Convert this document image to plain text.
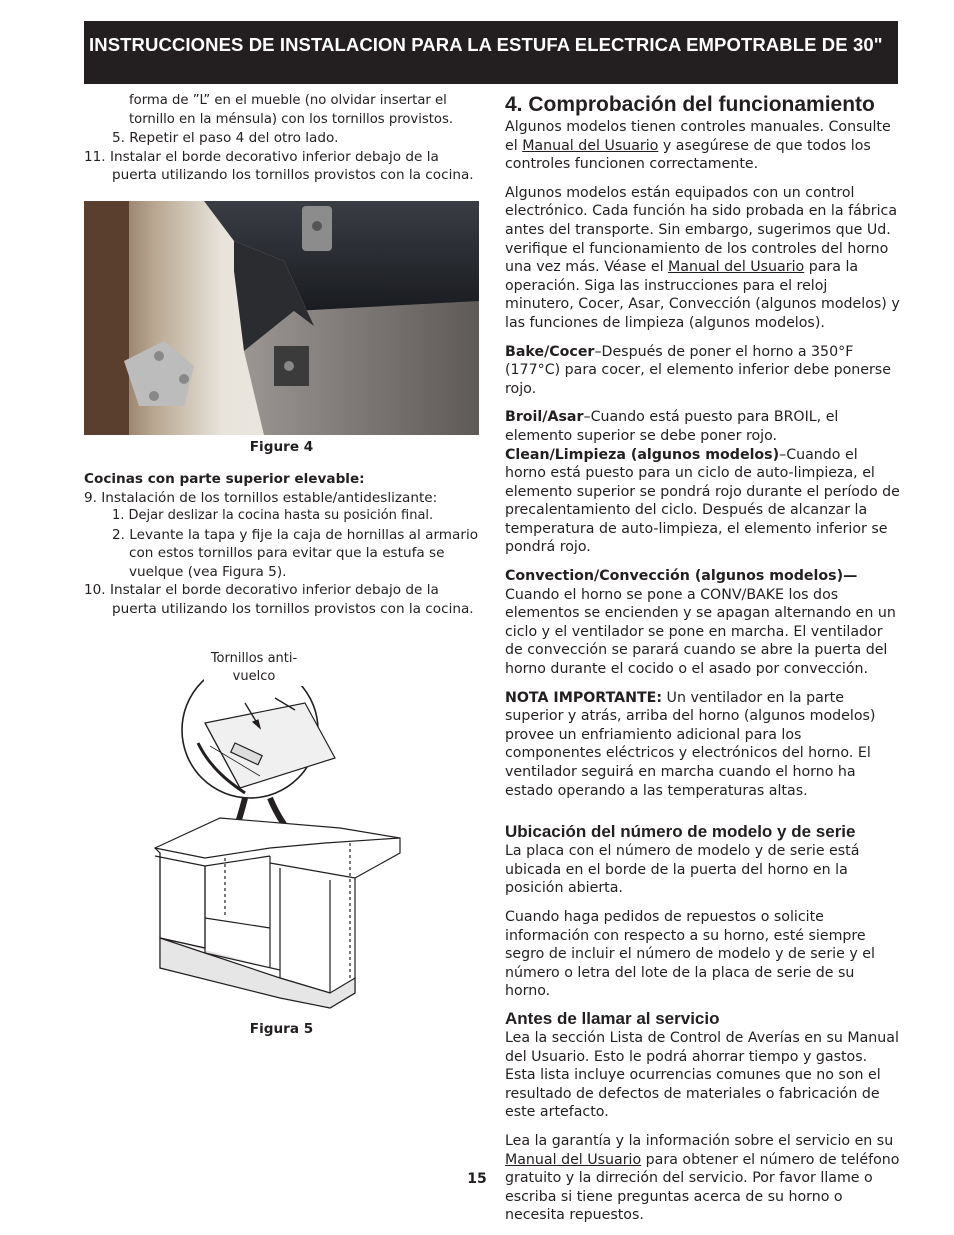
INSTRUCCIONES DE INSTALACION PARA LA ESTUFA ELECTRICA EMPOTRABLE DE 30"

forma de ”L” en el mueble (no olvidar insertar el

tornillo en la ménsula) con los tornillos provistos.

5. Repetir el paso 4 del otro lado.

11. Instalar el borde decorativo inferior debajo de la

puerta utilizando los tornillos provistos con la cocina.

Figure 4

Cocinas con parte superior elevable:

9. Instalación de los tornillos estable/antideslizante:

1. Dejar deslizar la cocina hasta su posición final.

2. Levante la tapa y fije la caja de hornillas al armario

con estos tornillos para evitar que la estufa se

vuelque (vea Figura 5).

10. Instalar el borde decorativo inferior debajo de la

puerta utilizando los tornillos provistos con la cocina.

Tornillos anti-
vuelco
Figura 5
4. Comprobación del funcionamiento

Algunos modelos tienen controles manuales. Consulte el Manual del Usuario y asegúrese de que todos los controles funcionen correctamente.

Algunos modelos están equipados con un control electrónico. Cada función ha sido probada en la fábrica antes del transporte. Sin embargo, sugerimos que Ud. verifique el funcionamiento de los controles del horno una vez más. Véase el Manual del Usuario para la operación. Siga las instrucciones para el reloj minutero, Cocer, Asar, Convección (algunos modelos) y las funciones de limpieza (algunos modelos).

Bake/Cocer–Después de poner el horno a 350°F (177°C) para cocer, el elemento inferior debe ponerse rojo.

Broil/Asar–Cuando está puesto para BROIL, el elemento superior se debe poner rojo.

Clean/Limpieza (algunos modelos)–Cuando el horno está puesto para un ciclo de auto-limpieza, el elemento superior se pondrá rojo durante el período de precalentamiento del ciclo. Después de alcanzar la temperatura de auto-limpieza, el elemento inferior se pondrá rojo.

Convection/Convección (algunos modelos)—Cuando el horno se pone a CONV/BAKE los dos elementos se encienden y se apagan alternando en un ciclo y el ventilador se pone en marcha. El ventilador de convección se parará cuando se abre la puerta del horno durante el cocido o el asado por convección.

NOTA IMPORTANTE: Un ventilador en la parte superior y atrás, arriba del horno (algunos modelos) provee un enfriamiento adicional para los componentes eléctricos y electrónicos del horno. El ventilador seguirá en marcha cuando el horno ha estado operando a las temperaturas altas.

Ubicación del número de modelo y de serie

La placa con el número de modelo y de serie está ubicada en el borde de la puerta del horno en la posición abierta.

Cuando haga pedidos de repuestos o solicite información con respecto a su horno, esté siempre segro de incluir el número de modelo y de serie y el número o letra del lote de la placa de serie de su horno.

Antes de llamar al servicio

Lea la sección Lista de Control de Averías en su Manual del Usuario. Esto le podrá ahorrar tiempo y gastos. Esta lista incluye ocurrencias comunes que no son el resultado de defectos de materiales o fabricación de este artefacto.

Lea la garantía y la información sobre el servicio en su Manual del Usuario para obtener el número de teléfono gratuito y la dirreción del servicio. Por favor llame o escriba si tiene preguntas acerca de su horno o necesita repuestos.

15
